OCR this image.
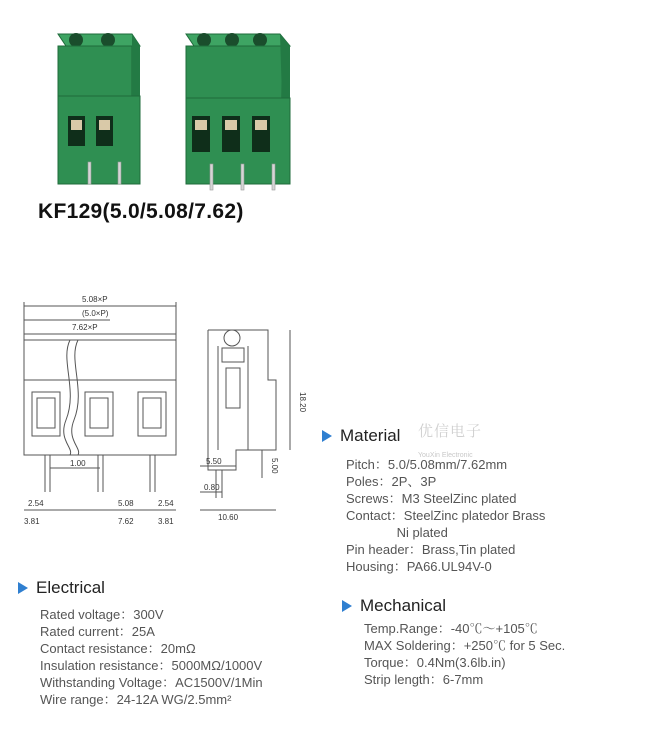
KF129(5.0/5.08/7.62)
5.08×P
(5.0×P)
7.62×P
1.00
2.54
3.81
5.08
7.62
2.54
3.81
18.20
5.00
5.50
0.80
10.60
Material 优信电子
YouXin Electronic
Pitch：5.0/5.08mm/7.62mm
Poles：2P、3P
Screws：M3 SteelZinc plated
Contact：SteelZinc platedor Brass
Ni plated
Pin header：Brass,Tin plated
Housing：PA66.UL94V-0
Electrical
Rated voltage：300V
Rated current：25A
Contact resistance：20mΩ
Insulation resistance：5000MΩ/1000V
Withstanding Voltage：AC1500V/1Min
Wire range：24-12A WG/2.5mm²
Mechanical
Temp.Range：-40℃～+105℃
MAX Soldering：+250℃ for 5 Sec.
Torque：0.4Nm(3.6lb.in)
Strip length：6-7mm
